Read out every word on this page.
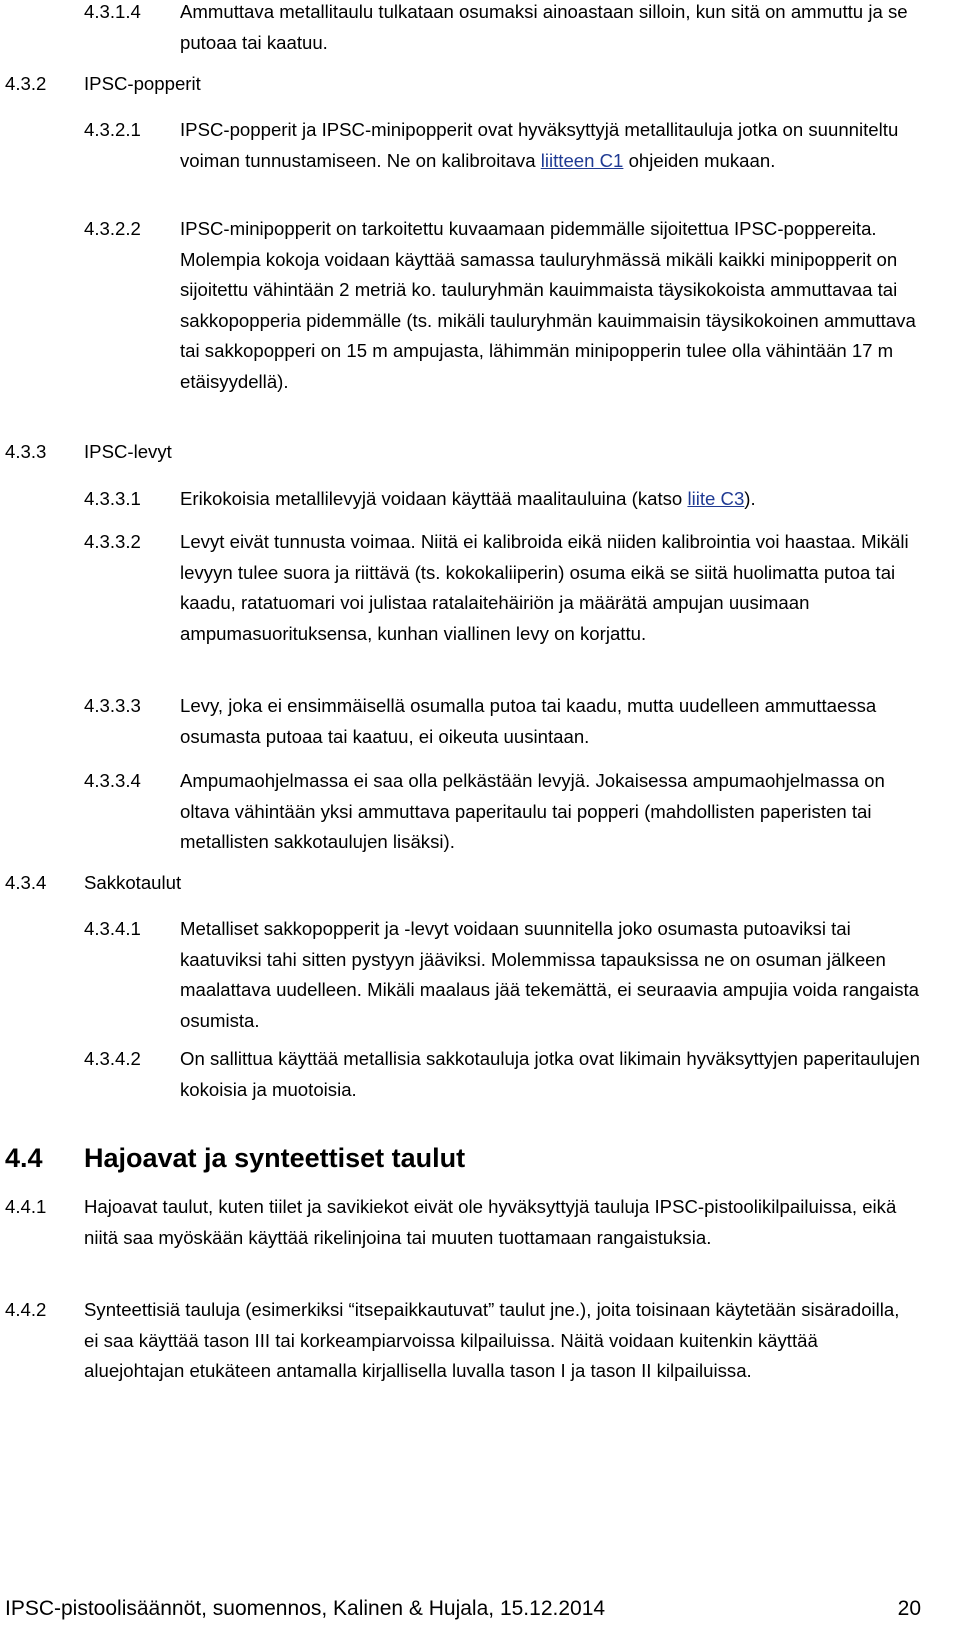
4.3.1.4 Ammuttava metallitaulu tulkataan osumaksi ainoastaan silloin, kun sitä on ammuttu ja se putoaa tai kaatuu.
4.3.2 IPSC-popperit
4.3.2.1 IPSC-popperit ja IPSC-minipopperit ovat hyväksyttyjä metallitauluja jotka on suunniteltu voiman tunnustamiseen. Ne on kalibroitava liitteen C1 ohjeiden mukaan.
4.3.2.2 IPSC-minipopperit on tarkoitettu kuvaamaan pidemmälle sijoitettua IPSC-poppereita. Molempia kokoja voidaan käyttää samassa tauluryhmässä mikäli kaikki minipopperit on sijoitettu vähintään 2 metriä ko. tauluryhmän kauimmaista täysikokoista ammuttavaa tai sakkopopperia pidemmälle (ts. mikäli tauluryhmän kauimmaisin täysikokoinen ammuttava tai sakkopopperi on 15 m ampujasta, lähimmän minipopperin tulee olla vähintään 17 m etäisyydellä).
4.3.3 IPSC-levyt
4.3.3.1 Erikokoisia metallilevyjä voidaan käyttää maalitauluina (katso liite C3).
4.3.3.2 Levyt eivät tunnusta voimaa. Niitä ei kalibroida eikä niiden kalibrointia voi haastaa. Mikäli levyyn tulee suora ja riittävä (ts. kokokaliiperin) osuma eikä se siitä huolimatta putoa tai kaadu, ratatuomari voi julistaa ratalaitehäiriön ja määrätä ampujan uusimaan ampumasuorituksensa, kunhan viallinen levy on korjattu.
4.3.3.3 Levy, joka ei ensimmäisellä osumalla putoa tai kaadu, mutta uudelleen ammuttaessa osumasta putoaa tai kaatuu, ei oikeuta uusintaan.
4.3.3.4 Ampumaohjelmassa ei saa olla pelkästään levyjä. Jokaisessa ampumaohjelmassa on oltava vähintään yksi ammuttava paperitaulu tai popperi (mahdollisten paperisten tai metallisten sakkotaulujen lisäksi).
4.3.4 Sakkotaulut
4.3.4.1 Metalliset sakkopopperit ja -levyt voidaan suunnitella joko osumasta putoaviksi tai kaatuviksi tahi sitten pystyyn jääviksi. Molemmissa tapauksissa ne on osuman jälkeen maalattava uudelleen. Mikäli maalaus jää tekemättä, ei seuraavia ampujia voida rangaista osumista.
4.3.4.2 On sallittua käyttää metallisia sakkotauluja jotka ovat likimain hyväksyttyjen paperitaulujen kokoisia ja muotoisia.
4.4 Hajoavat ja synteettiset taulut
4.4.1 Hajoavat taulut, kuten tiilet ja savikiekot eivät ole hyväksyttyjä tauluja IPSC-pistoolikilpailuissa, eikä niitä saa myöskään käyttää rikelinjoina tai muuten tuottamaan rangaistuksia.
4.4.2 Synteettisiä tauluja (esimerkiksi “itsepaikkautuvat” taulut jne.), joita toisinaan käytetään sisäradoilla, ei saa käyttää tason III tai korkeampiarvoissa kilpailuissa. Näitä voidaan kuitenkin käyttää aluejohtajan etukäteen antamalla kirjallisella luvalla tason I ja tason II kilpailuissa.
IPSC-pistoolisäännöt, suomennos, Kalinen & Hujala, 15.12.2014	20
